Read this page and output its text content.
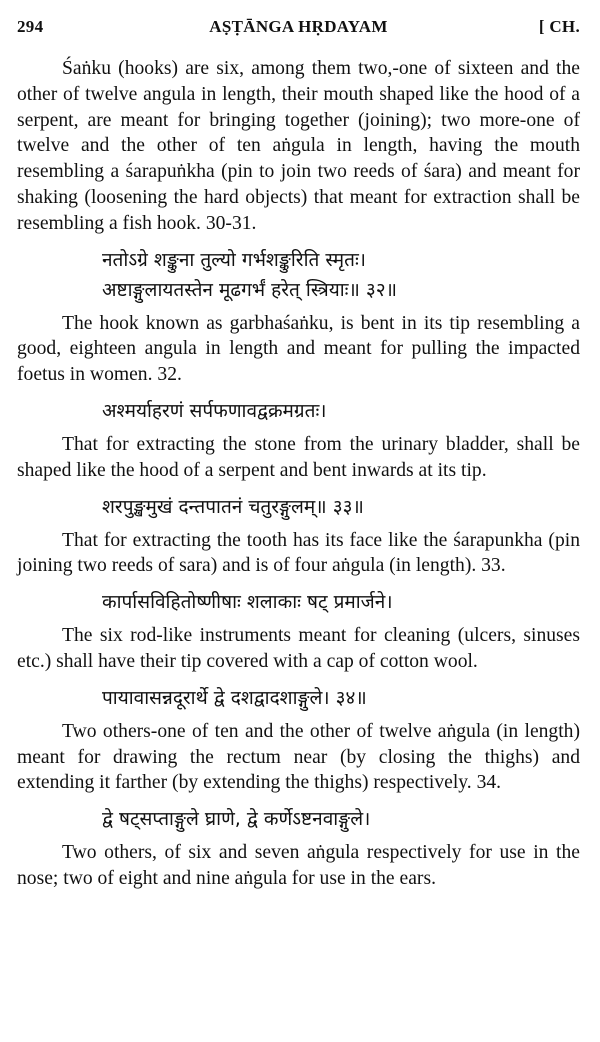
294	AṢṬĀNGA HṚDAYAM	[ CH.

Śaṅku (hooks) are six, among them two,-one of sixteen and the other of twelve angula in length, their mouth shaped like the hood of a serpent, are meant for bringing together (joining); two more-one of twelve and the other of ten aṅgula in length, having the mouth resembling a śarapuṅkha (pin to join two reeds of śara) and meant for shaking (loosening the hard objects) that meant for extraction shall be resembling a fish hook. 30-31.

नतोऽग्रे शङ्कुना तुल्यो गर्भशङ्कुरिति स्मृतः।

अष्टाङ्गुलायतस्तेन मूढगर्भं हरेत् स्त्रियाः॥ ३२॥

The hook known as garbhaśaṅku, is bent in its tip resembling a good, eighteen angula in length and meant for pulling the impacted foetus in women. 32.

अश्मर्याहरणं सर्पफणावद्वक्रमग्रतः।

That for extracting the stone from the urinary bladder, shall be shaped like the hood of a serpent and bent inwards at its tip.

शरपुङ्खमुखं दन्तपातनं चतुरङ्गुलम्॥ ३३॥

That for extracting the tooth has its face like the śarapunkha (pin joining two reeds of sara) and is of four aṅgula (in length). 33.

कार्पासविहितोष्णीषाः शलाकाः षट् प्रमार्जने।

The six rod-like instruments meant for cleaning (ulcers, sinuses etc.) shall have their tip covered with a cap of cotton wool.

पायावासन्नदूरार्थे द्वे दशद्वादशाङ्गुले। ३४॥

Two others-one of ten and the other of twelve aṅgula (in length) meant for drawing the rectum near (by closing the thighs) and extending it farther (by extending the thighs) respectively. 34.

द्वे षट्सप्ताङ्गुले घ्राणे, द्वे कर्णेऽष्टनवाङ्गुले।

Two others, of six and seven aṅgula respectively for use in the nose; two of eight and nine aṅgula for use in the ears.
